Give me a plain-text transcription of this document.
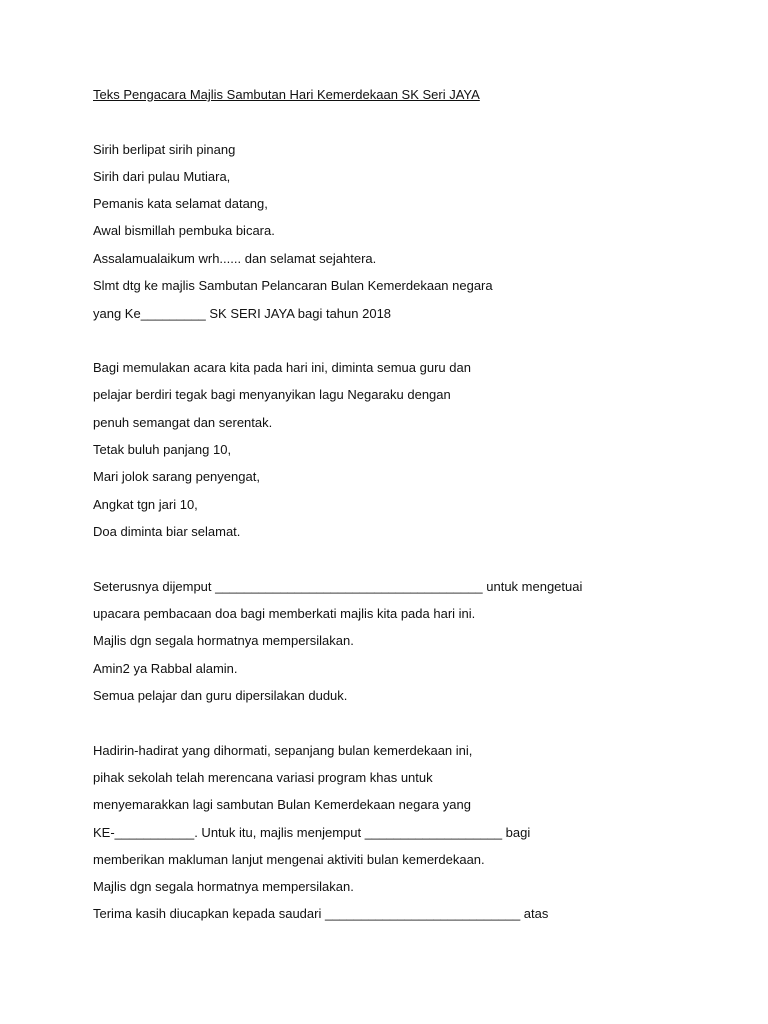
Teks Pengacara Majlis Sambutan Hari Kemerdekaan SK Seri JAYA
Sirih berlipat sirih pinang
Sirih dari pulau Mutiara,
Pemanis kata selamat datang,
Awal bismillah pembuka bicara.
Assalamualaikum wrh...... dan selamat sejahtera.
Slmt dtg ke majlis Sambutan Pelancaran Bulan Kemerdekaan negara
yang Ke_________ SK SERI JAYA bagi tahun 2018
Bagi memulakan acara kita pada hari ini, diminta semua guru dan
pelajar berdiri tegak bagi menyanyikan lagu Negaraku dengan
penuh semangat dan serentak.
Tetak buluh panjang 10,
Mari jolok sarang penyengat,
Angkat tgn jari 10,
Doa diminta biar selamat.
Seterusnya dijemput _____________________________________ untuk mengetuai
upacara pembacaan doa bagi memberkati majlis kita pada hari ini.
Majlis dgn segala hormatnya mempersilakan.
Amin2 ya Rabbal alamin.
Semua pelajar dan guru dipersilakan duduk.
Hadirin-hadirat yang dihormati, sepanjang bulan kemerdekaan ini,
pihak sekolah telah merencana variasi program khas untuk
menyemarakkan lagi sambutan Bulan Kemerdekaan negara yang
KE-___________. Untuk itu, majlis menjemput ___________________ bagi
memberikan makluman lanjut mengenai aktiviti bulan kemerdekaan.
Majlis dgn segala hormatnya mempersilakan.
Terima kasih diucapkan kepada saudari ___________________________ atas
